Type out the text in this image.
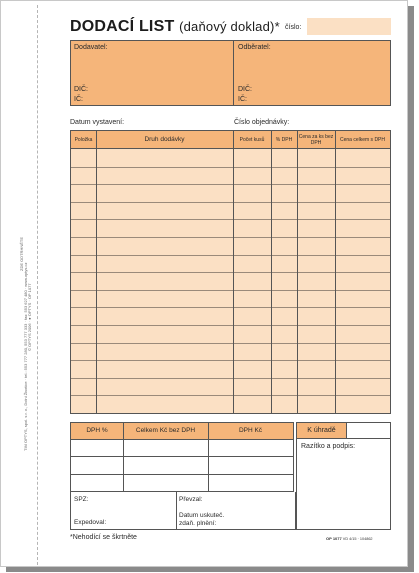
ZDE ODTRHNĚTE
TIM OPTYS, spol. s r. o., Dolní Životice · tel.: 553 777 280, 553 777 333 · fax: 553 627 480 · www.optys.cz © OPTYS 2006 · ● OPTYS · OP 1077
DODACÍ LIST (daňový doklad)* číslo:
Dodavatel:
DIČ:
IČ:
Odběratel:
DIČ:
IČ:
Datum vystavení:	Číslo objednávky:
Položka	Druh dodávky	Počet kusů	% DPH	Cena za ks bez DPH	Cena celkem s DPH
DPH %	Celkem Kč bez DPH	DPH Kč	K úhradě
Razítko a podpis:
SPZ:
Expedoval:
Převzal:
Datum uskuteč.
zdaň. plnění:
*Nehodící se škrtněte	OP 1077 VD 4/15 · 104862
